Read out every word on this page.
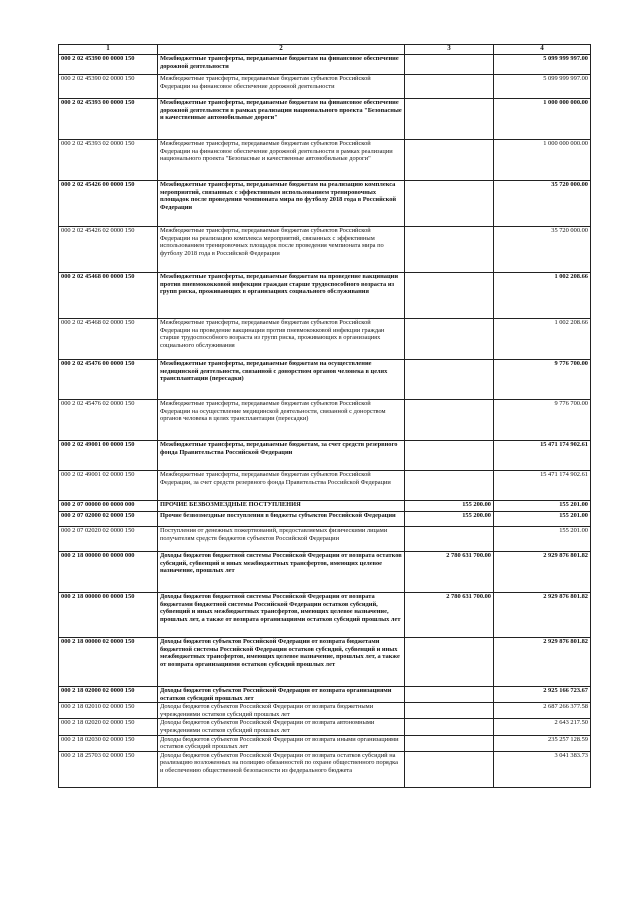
1	2	3	4
000 2 02 45390 00 0000 150	Межбюджетные трансферты, передаваемые бюджетам на финансовое обеспечение дорожной деятельности		5 099 999 997.00
000 2 02 45390 02 0000 150	Межбюджетные трансферты, передаваемые бюджетам субъектов Российской Федерации на финансовое обеспечение дорожной деятельности		5 099 999 997.00
000 2 02 45393 00 0000 150	Межбюджетные трансферты, передаваемые бюджетам на финансовое обеспечение дорожной деятельности в рамках реализации национального проекта "Безопасные и качественные автомобильные дороги"		1 000 000 000.00
000 2 02 45393 02 0000 150	Межбюджетные трансферты, передаваемые бюджетам субъектов Российской Федерации на финансовое обеспечение дорожной деятельности в рамках реализации национального проекта "Безопасные и качественные автомобильные дороги"		1 000 000 000.00
000 2 02 45426 00 0000 150	Межбюджетные трансферты, передаваемые бюджетам на реализацию комплекса мероприятий, связанных с эффективным использованием тренировочных площадок после проведения чемпионата мира по футболу 2018 года в Российской Федерации		35 720 000.00
000 2 02 45426 02 0000 150	Межбюджетные трансферты, передаваемые бюджетам субъектов Российской Федерации на реализацию комплекса мероприятий, связанных с эффективным использованием тренировочных площадок после проведения чемпионата мира по футболу 2018 года в Российской Федерации		35 720 000.00
000 2 02 45468 00 0000 150	Межбюджетные трансферты, передаваемые бюджетам на проведение вакцинации против пневмококковой инфекции граждан старше трудоспособного возраста из групп риска, проживающих в организациях социального обслуживания		1 002 208.66
000 2 02 45468 02 0000 150	Межбюджетные трансферты, передаваемые бюджетам субъектов Российской Федерации на проведение вакцинации против пневмококковой инфекции граждан старше трудоспособного возраста из групп риска, проживающих в организациях социального обслуживания		1 002 208.66
000 2 02 45476 00 0000 150	Межбюджетные трансферты, передаваемые бюджетам на осуществление медицинской деятельности, связанной с донорством органов человека в целях трансплантации (пересадки)		9 776 700.00
000 2 02 45476 02 0000 150	Межбюджетные трансферты, передаваемые бюджетам субъектов Российской Федерации на осуществление медицинской деятельности, связанной с донорством органов человека в целях трансплантации (пересадки)		9 776 700.00
000 2 02 49001 00 0000 150	Межбюджетные трансферты, передаваемые бюджетам, за счет средств резервного фонда Правительства Российской Федерации		15 471 174 902.61
000 2 02 49001 02 0000 150	Межбюджетные трансферты, передаваемые бюджетам субъектов Российской Федерации, за счет средств резервного фонда Правительства Российской Федерации		15 471 174 902.61
000 2 07 00000 00 0000 000	ПРОЧИЕ БЕЗВОЗМЕЗДНЫЕ ПОСТУПЛЕНИЯ	155 200.00	155 201.00
000 2 07 02000 02 0000 150	Прочие безвозмездные поступления в бюджеты субъектов Российской Федерации	155 200.00	155 201.00
000 2 07 02020 02 0000 150	Поступления от денежных пожертвований, предоставляемых физическими лицами получателям средств бюджетов субъектов Российской Федерации		155 201.00
000 2 18 00000 00 0000 000	Доходы бюджетов бюджетной системы Российской Федерации от возврата остатков субсидий, субвенций и иных межбюджетных трансфертов, имеющих целевое назначение, прошлых лет	2 780 631 700.00	2 929 876 801.82
000 2 18 00000 00 0000 150	Доходы бюджетов бюджетной системы Российской Федерации от возврата бюджетами бюджетной системы Российской Федерации остатков субсидий, субвенций и иных межбюджетных трансфертов, имеющих целевое назначение, прошлых лет, а также от возврата организациями остатков субсидий прошлых лет	2 780 631 700.00	2 929 876 801.82
000 2 18 00000 02 0000 150	Доходы бюджетов субъектов Российской Федерации от возврата бюджетами бюджетной системы Российской Федерации остатков субсидий, субвенций и иных межбюджетных трансфертов, имеющих целевое назначение, прошлых лет, а также от возврата организациями остатков субсидий прошлых лет		2 929 876 801.82
000 2 18 02000 02 0000 150	Доходы бюджетов субъектов Российской Федерации от возврата организациями остатков субсидий прошлых лет		2 925 166 723.67
000 2 18 02010 02 0000 150	Доходы бюджетов субъектов Российской Федерации от возврата бюджетными учреждениями остатков субсидий прошлых лет		2 687 266 377.58
000 2 18 02020 02 0000 150	Доходы бюджетов субъектов Российской Федерации от возврата автономными учреждениями остатков субсидий прошлых лет		2 643 217.50
000 2 18 02030 02 0000 150	Доходы бюджетов субъектов Российской Федерации от возврата иными организациями остатков субсидий прошлых лет		235 257 128.59
000 2 18 25703 02 0000 150	Доходы бюджетов субъектов Российской Федерации от возврата остатков субсидий на реализацию возложенных на полицию обязанностей по охране общественного порядка и обеспечению общественной безопасности из федерального бюджета		3 041 383.73
